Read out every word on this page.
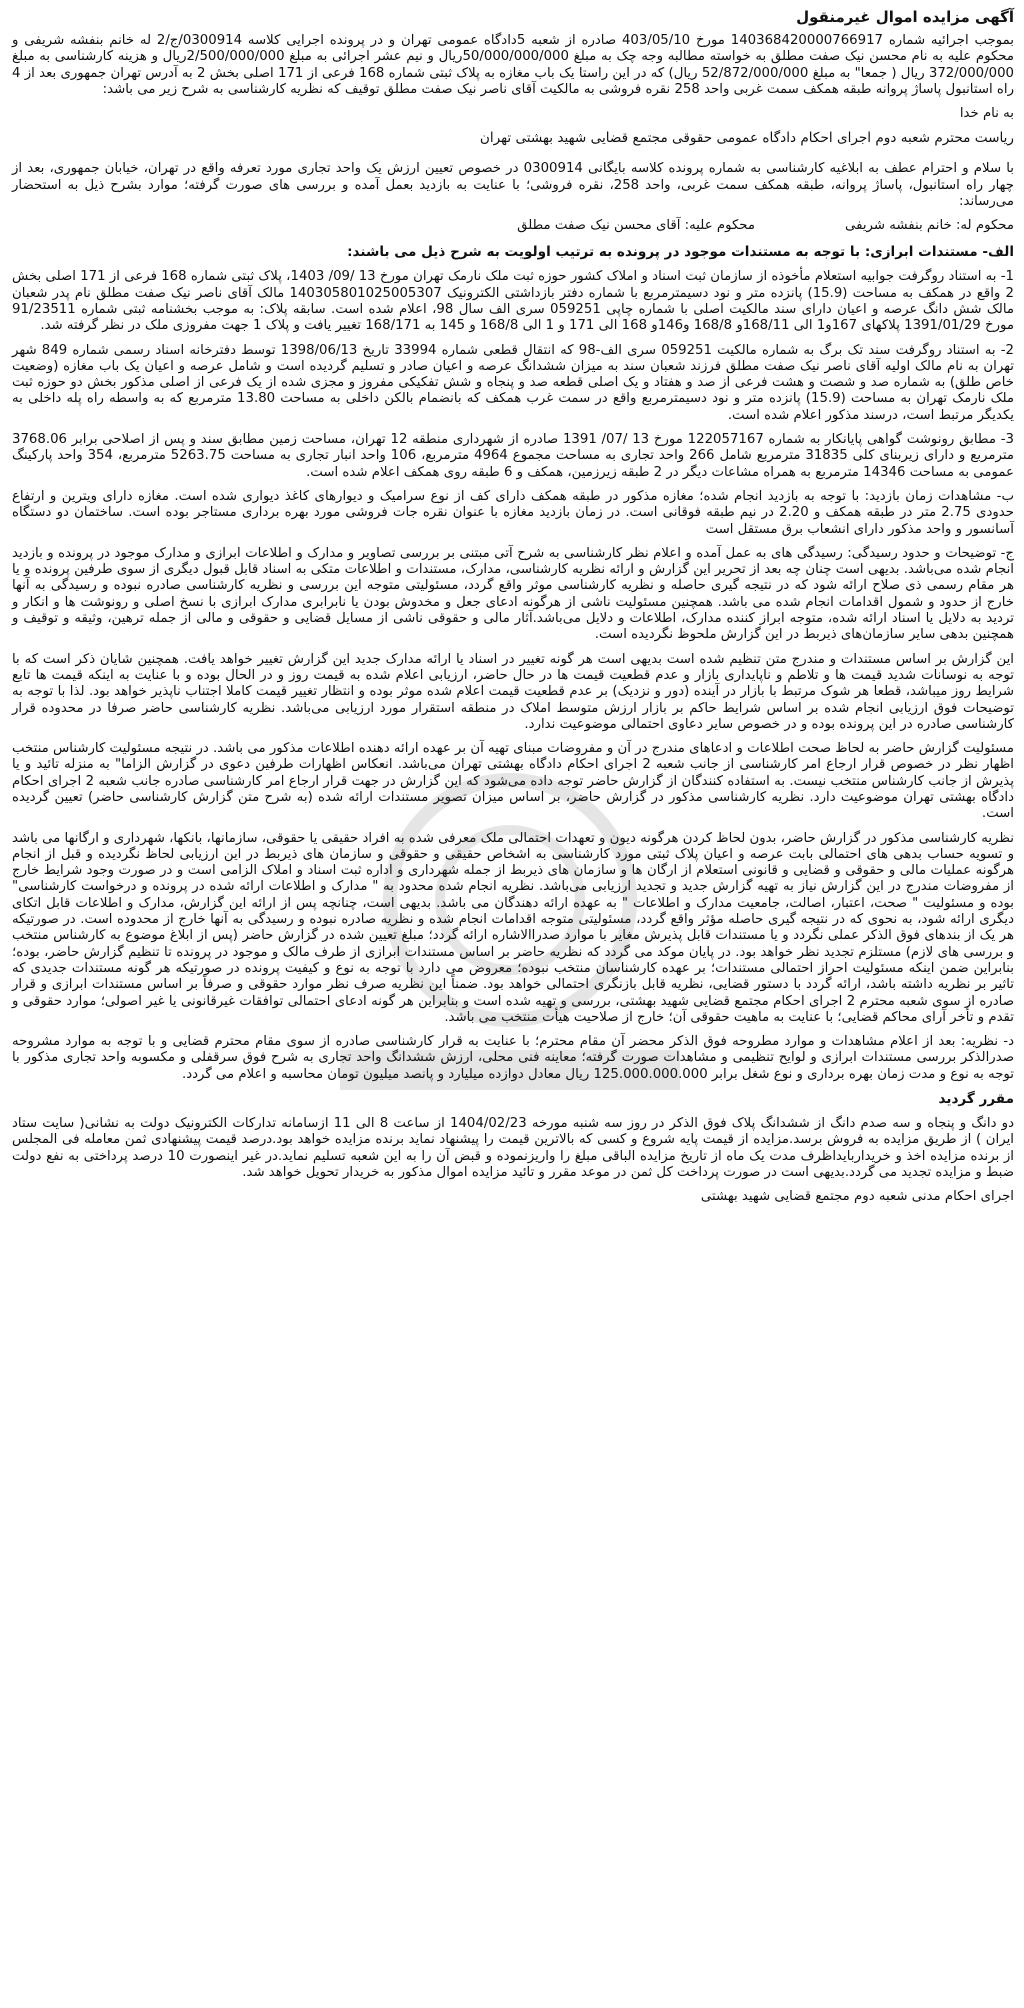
آگهی مزایده اموال غیرمنقول

بموجب اجرائیه شماره 140368420000766917 مورخ 403/05/10 صادره از شعبه 5دادگاه عمومی تهران و در پرونده اجرایی کلاسه 0300914/ج/2 له خانم بنفشه شریفی و محکوم علیه به نام محسن نیک صفت مطلق به خواسته مطالبه وجه چک به مبلغ 50/000/000/000ریال و نیم عشر اجرائی به مبلغ 2/500/000/000ریال و هزینه کارشناسی به مبلغ 372/000/000 ریال ( جمعا" به مبلغ 52/872/000/000 ریال) که در این راستا یک باب مغازه به پلاک ثبتی شماره 168 فرعی از 171 اصلی بخش 2 به آدرس تهران جمهوری بعد از 4 راه استانبول پاساژ پروانه طبقه همکف سمت غربی واحد 258 نقره فروشی به مالکیت آقای ناصر نیک صفت مطلق توقیف که نظریه کارشناسی به شرح زیر می باشد:

به نام خدا
ریاست محترم شعبه دوم اجرای احکام دادگاه عمومی حقوقی مجتمع قضایی شهید بهشتی تهران

با سلام و احترام عطف به ابلاغیه کارشناسی به شماره پرونده کلاسه بایگانی 0300914 در خصوص تعیین ارزش یک واحد تجاری مورد تعرفه واقع در تهران، خیابان جمهوری، بعد از چهار راه استانبول، پاساژ پروانه، طبقه همکف سمت غربی، واحد 258، نقره فروشی؛ با عنایت به بازدید بعمل آمده و بررسی های صورت گرفته؛ موارد بشرح ذیل به استحضار می‌رساند:

محکوم له: خانم بنفشه شریفی
محکوم علیه: آقای محسن نیک صفت مطلق
الف- مستندات ابرازی: با توجه به مستندات موجود در پرونده به ترتیب اولویت به شرح ذیل می باشند:

1- به استناد روگرفت جوابیه استعلام مأخوذه از سازمان ثبت اسناد و املاک کشور حوزه ثبت ملک نارمک تهران مورخ 13 /09/ 1403، پلاک ثبتی شماره 168 فرعی از 171 اصلی بخش 2 واقع در همکف به مساحت (15.9) پانزده متر و نود دسیمترمربع با شماره دفتر بازداشتی الکترونیک 140305801025005307 مالک آقای ناصر نیک صفت مطلق نام پدر شعبان مالک شش دانگ عرصه و اعیان دارای سند مالکیت اصلی با شماره چاپی 059251 سری الف سال 98، اعلام شده است. سابقه پلاک: به موجب بخشنامه ثبتی شماره 91/23511 مورخ 1391/01/29 پلاکهای 167و1 الی 168/11و 168/8 و146و 168 الی 171 و 1 الی 168/8 و 145 به 168/171 تغییر یافت و پلاک 1 جهت مفروزی ملک در نظر گرفته شد.

2- به استناد روگرفت سند تک برگ به شماره مالکیت 059251 سری الف-98 که انتقال قطعی شماره 33994 تاریخ 1398/06/13 توسط دفترخانه اسناد رسمی شماره 849 شهر تهران به نام مالک اولیه آقای ناصر نیک صفت مطلق فرزند شعبان سند به میزان ششدانگ عرصه و اعیان صادر و تسلیم گردیده است و شامل عرصه و اعیان یک باب مغازه (وضعیت خاص طلق) به شماره صد و شصت و هشت فرعی از صد و هفتاد و یک اصلی قطعه صد و پنجاه و شش تفکیکی مفروز و مجزی شده از یک فرعی از اصلی مذکور بخش دو حوزه ثبت ملک نارمک تهران به مساحت (15.9) پانزده متر و نود دسیمترمربع واقع در سمت غرب همکف که بانضمام بالکن داخلی به مساحت 13.80 مترمربع که به واسطه راه پله داخلی به یکدیگر مرتبط است، درسند مذکور اعلام شده است.

3- مطابق رونوشت گواهی پایانکار به شماره 122057167 مورخ 13 /07/ 1391 صادره از شهرداری منطقه 12 تهران، مساحت زمین مطابق سند و پس از اصلاحی برابر 3768.06 مترمربع و دارای زیربنای کلی 31835 مترمربع شامل 266 واحد تجاری به مساحت مجموع 4964 مترمربع، 106 واحد انبار تجاری به مساحت 5263.75 مترمربع، 354 واحد پارکینگ عمومی به مساحت 14346 مترمربع به همراه مشاعات دیگر در 2 طبقه زیرزمین، همکف و 6 طبقه روی همکف اعلام شده است.

ب- مشاهدات زمان بازدید: با توجه به بازدید انجام شده؛ مغازه مذکور در طبقه همکف دارای کف از نوع سرامیک و دیوارهای کاغذ دیواری شده است. مغازه دارای ویترین و ارتفاع حدودی 2.75 متر در طبقه همکف و 2.20 در نیم طبقه فوقانی است. در زمان بازدید مغازه با عنوان نقره جات فروشی مورد بهره برداری مستاجر بوده است. ساختمان دو دستگاه آسانسور و واحد مذکور دارای انشعاب برق مستقل است

ج- توضیحات و حدود رسیدگی: رسیدگی های به عمل آمده و اعلام نظر کارشناسی به شرح آتی مبتنی بر بررسی تصاویر و مدارک و اطلاعات ابرازی و مدارک موجود در پرونده و بازدید انجام شده می‌باشد. بدیهی است چنان چه بعد از تحریر این گزارش و ارائه نظریه کارشناسی، مدارک، مستندات و اطلاعات متکی به اسناد قابل قبول دیگری از سوی طرفین پرونده و یا هر مقام رسمی ذی صلاح ارائه شود که در نتیجه گیری حاصله و نظریه کارشناسی موثر واقع گردد، مسئولیتی متوجه این بررسی و نظریه کارشناسی صادره نبوده و رسیدگی به آنها خارج از حدود و شمول اقدامات انجام شده می باشد. همچنین مسئولیت ناشی از هرگونه ادعای جعل و مخدوش بودن یا نابرابری مدارک ابرازی با نسخ اصلی و رونوشت ها و انکار و تردید به دلایل یا اسناد ارائه شده، متوجه ابراز کننده مدارک، اطلاعات و دلایل می‌باشد.آثار مالی و حقوقی ناشی از مسایل قضایی و حقوقی و مالی از جمله ترهین، وثیقه و توقیف و همچنین بدهی سایر سازمان‌های ذیربط در این گزارش ملحوظ نگردیده است.

این گزارش بر اساس مستندات و مندرج متن تنظیم شده است بدیهی است هر گونه تغییر در اسناد یا ارائه مدارک جدید این گزارش تغییر خواهد یافت. همچنین شایان ذکر است که با توجه به نوسانات شدید قیمت ها و تلاطم و ناپایداری بازار و عدم قطعیت قیمت ها در حال حاضر، ارزیابی اعلام شده به قیمت روز و در الحال بوده و با عنایت به اینکه قیمت ها تابع شرایط روز میباشد، قطعا هر شوک مرتبط با بازار در آینده (دور و نزدیک) بر عدم قطعیت قیمت اعلام شده موثر بوده و انتظار تغییر قیمت کاملا اجتناب ناپذیر خواهد بود. لذا با توجه به توضیحات فوق ارزیابی انجام شده بر اساس شرایط حاکم بر بازار ارزش متوسط املاک در منطقه استقرار مورد ارزیابی می‌باشد. نظریه کارشناسی حاضر صرفا در محدوده قرار کارشناسی صادره در این پرونده بوده و در خصوص سایر دعاوی احتمالی موضوعیت ندارد.

مسئولیت گزارش حاضر به لحاظ صحت اطلاعات و ادعاهای مندرج در آن و مفروضات مبنای تهیه آن بر عهده ارائه دهنده اطلاعات مذکور می باشد. در نتیجه مسئولیت کارشناس منتخب اظهار نظر در خصوص قرار ارجاع امر کارشناسی از جانب شعبه 2 اجرای احکام دادگاه بهشتی تهران می‌باشد. انعکاس اظهارات طرفین دعوی در گزارش الزاما" به منزله تائید و یا پذیرش از جانب کارشناس منتخب نیست. به استفاده کنندگان از گزارش حاضر توجه داده می‌شود که این گزارش در جهت قرار ارجاع امر کارشناسی صادره جانب شعبه 2 اجرای احکام دادگاه بهشتی تهران موضوعیت دارد. نظریه کارشناسی مذکور در گزارش حاضر، بر اساس میزان تصویر مستندات ارائه شده (به شرح متن گزارش کارشناسی حاضر) تعیین گردیده است.

نظریه کارشناسی مذکور در گزارش حاضر، بدون لحاظ کردن هرگونه دیون و تعهدات احتمالی ملک معرفی شده به افراد حقیقی یا حقوقی، سازمانها، بانکها، شهرداری و ارگانها می باشد و تسویه حساب بدهی های احتمالی بابت عرصه و اعیان پلاک ثبتی مورد کارشناسی به اشخاص حقیقی و حقوقی و سازمان های ذیربط در این ارزیابی لحاظ نگردیده و قبل از انجام هرگونه عملیات مالی و حقوقی و قضایی و قانونی استعلام از ارگان ها و سازمان های ذیربط از جمله شهرداری و اداره ثبت اسناد و املاک الزامی است و در صورت وجود شرایط خارج از مفروضات مندرج در این گزارش نیاز به تهیه گزارش جدید و تجدید ارزیابی می‌باشد. نظریه انجام شده محدود به " مدارک و اطلاعات ارائه شده در پرونده و درخواست کارشناسی" بوده و مسئولیت " صحت، اعتبار، اصالت، جامعیت مدارک و اطلاعات " به عهده ارائه دهندگان می باشد. بدیهی است، چنانچه پس از ارائه این گزارش، مدارک و اطلاعات قابل اتکای دیگری ارائه شود، به نحوی که در نتیجه گیری حاصله مؤثر واقع گردد، مسئولیتی متوجه اقدامات انجام شده و نظریه صادره نبوده و رسیدگی به آنها خارج از محدوده است. در صورتیکه هر یک از بندهای فوق الذکر عملی نگردد و یا مستندات قابل پذیرش مغایر با موارد صدراالاشاره ارائه گردد؛ مبلغ تعیین شده در گزارش حاضر (پس از ابلاغ موضوع به کارشناس منتخب و بررسی های لازم) مستلزم تجدید نظر خواهد بود. در پایان موکد می گردد که نظریه حاضر بر اساس مستندات ابرازی از طرف مالک و موجود در پرونده تا تنظیم گزارش حاضر، بوده؛ بنابراین ضمن اینکه مسئولیت احراز احتمالی مستندات؛ بر عهده کارشناسان منتخب نبوده؛ معروض می دارد با توجه به نوع و کیفیت پرونده در صورتیکه هر گونه مستندات جدیدی که تاثیر بر نظریه داشته باشد، ارائه گردد با دستور قضایی، نظریه قابل بازنگری احتمالی خواهد بود. ضمناً این نظریه صرف نظر موارد حقوقی و صرفاً بر اساس مستندات ابرازی و قرار صادره از سوی شعبه محترم 2 اجرای احکام مجتمع قضایی شهید بهشتی، بررسی و تهیه شده است و بنابراین هر گونه ادعای احتمالی توافقات غیرقانونی یا غیر اصولی؛ موارد حقوقی و تقدم و تأخر آرای محاکم قضایی؛ با عنایت به ماهیت حقوقی آن؛ خارج از صلاحیت هیأت منتخب می باشد.

د- نظریه: بعد از اعلام مشاهدات و موارد مطروحه فوق الذکر محضر آن مقام محترم؛ با عنایت به قرار کارشناسی صادره از سوی مقام محترم قضایی و با توجه به موارد مشروحه صدرالذکر بررسی مستندات ابرازی و لوایح تنظیمی و مشاهدات صورت گرفته؛ معاینه فنی محلی، ارزش ششدانگ واحد تجاری به شرح فوق سرقفلی و مکسوبه واحد تجاری مذکور با توجه به نوع و مدت زمان بهره برداری و نوع شغل برابر 125.000.000.000 ریال معادل دوازده میلیارد و پانصد میلیون تومان محاسبه و اعلام می گردد.

مقرر گردید

دو دانگ و پنجاه و سه صدم دانگ از ششدانگ پلاک فوق الذکر در روز سه شنبه مورخه 1404/02/23 از ساعت 8 الی 11 ازسامانه تدارکات الکترونیک دولت به نشانی( سایت ستاد ایران ) از طریق مزایده به فروش برسد.مزایده از قیمت پایه شروع و کسی که بالاترین قیمت را پیشنهاد نماید برنده مزایده خواهد بود.درصد قیمت پیشنهادی ثمن معامله فی المجلس از برنده مزایده اخذ و خریداربایداظرف مدت یک ماه از تاریخ مزایده الباقی مبلغ را واریزنموده و قبض آن را به این شعبه تسلیم نماید.در غیر اینصورت 10 درصد پرداختی به نفع دولت ضبط و مزایده تجدید می گردد.بدیهی است در صورت پرداخت کل ثمن در موعد مقرر و تائید مزایده اموال مذکور به خریدار تحویل خواهد شد.

اجرای احکام مدنی شعبه دوم مجتمع قضایی شهید بهشتی
